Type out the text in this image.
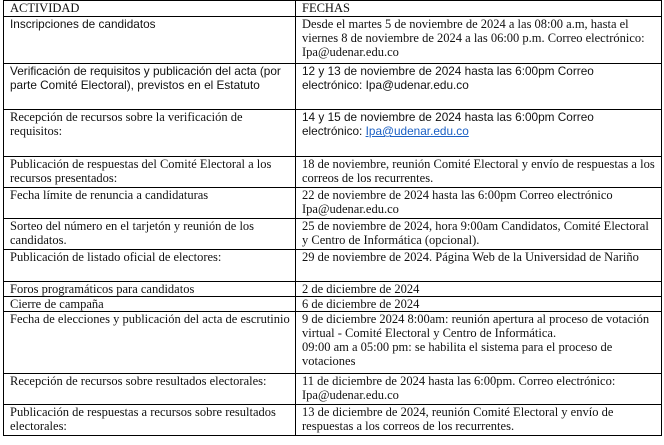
ACTIVIDAD	FECHAS
Inscripciones de candidatos	Desde el martes 5 de noviembre de 2024 a las 08:00 a.m, hasta el viernes 8 de noviembre de 2024 a las 06:00 p.m. Correo electrónico: Ipa@udenar.edu.co
Verificación de requisitos y publicación del acta (por parte Comité Electoral), previstos en el Estatuto	12 y 13 de noviembre de 2024 hasta las 6:00pm Correo electrónico: Ipa@udenar.edu.co
Recepción de recursos sobre la verificación de requisitos:	14 y 15 de noviembre de 2024 hasta las 6:00pm Correo electrónico: Ipa@udenar.edu.co
Publicación de respuestas del Comité Electoral a los recursos presentados:	18 de noviembre, reunión Comité Electoral y envío de respuestas a los correos de los recurrentes.
Fecha límite de renuncia a candidaturas	22 de noviembre de 2024 hasta las 6:00pm Correo electrónico Ipa@udenar.edu.co
Sorteo del número en el tarjetón y reunión de los candidatos.	25 de noviembre de 2024, hora 9:00am Candidatos, Comité Electoral y Centro de Informática (opcional).
Publicación de listado oficial de electores:	29 de noviembre de 2024. Página Web de la Universidad de Nariño
Foros programáticos para candidatos	2 de diciembre de 2024
Cierre de campaña	6 de diciembre de 2024
Fecha de elecciones y publicación del acta de escrutinio	9 de diciembre 2024 8:00am: reunión apertura al proceso de votación virtual - Comité Electoral y Centro de Informática.
09:00 am a 05:00 pm: se habilita el sistema para el proceso de votaciones

Recepción de recursos sobre resultados electorales:	11 de diciembre de 2024 hasta las 6:00pm. Correo electrónico: Ipa@udenar.edu.co
Publicación de respuestas a recursos sobre resultados electorales:	13 de diciembre de 2024, reunión Comité Electoral y envío de respuestas a los correos de los recurrentes.
